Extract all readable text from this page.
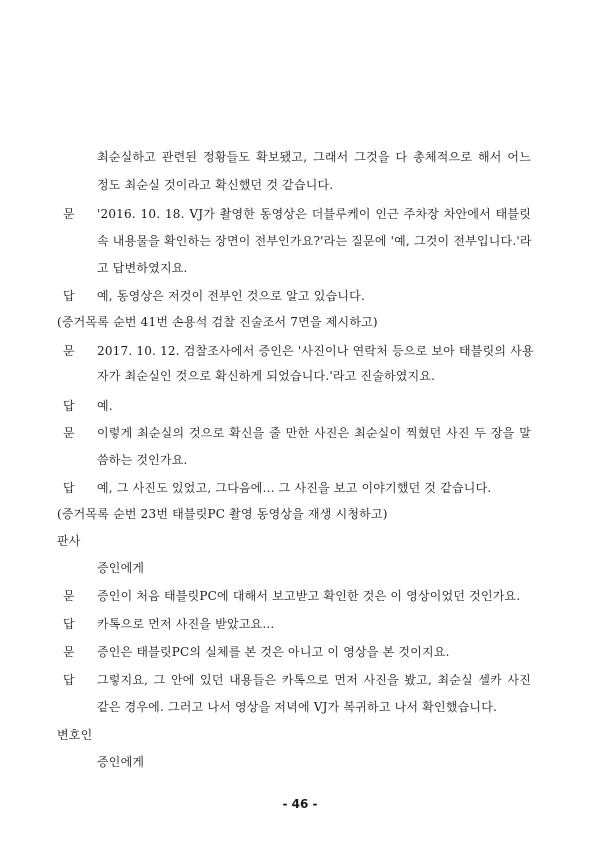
최순실하고 관련된 정황들도 확보됐고, 그래서 그것을 다 총체적으로 해서 어느
정도 최순실 것이라고 확신했던 것 같습니다.
문 '2016. 10. 18. VJ가 촬영한 동영상은 더블루케이 인근 주차장 차안에서 태블릿
속 내용물을 확인하는 장면이 전부인가요?'라는 질문에 '예, 그것이 전부입니다.'라
고 답변하였지요.
답 예, 동영상은 저것이 전부인 것으로 알고 있습니다.
(증거목록 순번 41번 손용석 검찰 진술조서 7면을 제시하고)
문 2017. 10. 12. 검찰조사에서 증인은 '사진이나 연락처 등으로 보아 태블릿의 사용
자가 최순실인 것으로 확신하게 되었습니다.'라고 진술하였지요.
답 예.
문 이렇게 최순실의 것으로 확신을 줄 만한 사진은 최순실이 찍혔던 사진 두 장을 말
씀하는 것인가요.
답 예, 그 사진도 있었고, 그다음에... 그 사진을 보고 이야기했던 것 같습니다.
(증거목록 순번 23번 태블릿PC 촬영 동영상을 재생 시청하고)
판사
증인에게
문 증인이 처음 태블릿PC에 대해서 보고받고 확인한 것은 이 영상이었던 것인가요.
답 카톡으로 먼저 사진을 받았고요...
문 증인은 태블릿PC의 실체를 본 것은 아니고 이 영상을 본 것이지요.
답 그렇지요, 그 안에 있던 내용들은 카톡으로 먼저 사진을 봤고, 최순실 셀카 사진
같은 경우에. 그러고 나서 영상을 저녁에 VJ가 복귀하고 나서 확인했습니다.
변호인
증인에게
- 46 -
